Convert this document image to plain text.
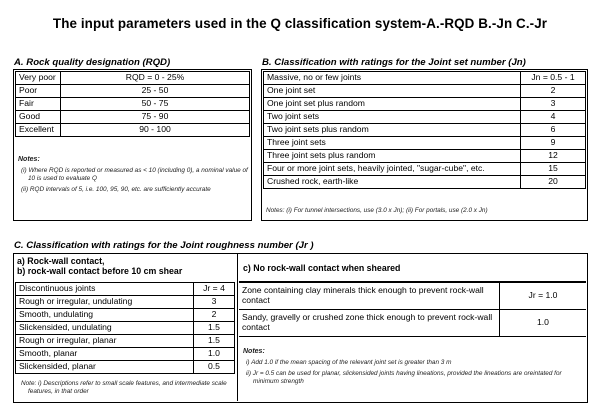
The input parameters used in the Q classification system-A.-RQD B.-Jn C.-Jr
A. Rock quality designation (RQD)
Very poor	RQD = 0 - 25%
Poor	25 - 50
Fair	50 - 75
Good	75 - 90
Excellent	90 - 100
Notes:
(i) Where RQD is reported or measured as < 10 (including 0), a nominal value of 10 is used to evaluate Q
(ii) RQD intervals of 5, i.e. 100, 95, 90, etc. are sufficiently accurate
B. Classification with ratings for the Joint set number (Jn)
Massive, no or few joints	Jn = 0.5 - 1
One joint set	2
One joint set plus random	3
Two joint sets	4
Two joint sets plus random	6
Three joint sets	9
Three joint sets plus random	12
Four or more joint sets, heavily jointed, "sugar-cube", etc.	15
Crushed rock, earth-like	20
Notes: (i) For tunnel intersections, use (3.0 x Jn); (ii) For portals, use (2.0 x Jn)
C. Classification with ratings for the Joint roughness number (Jr )
a) Rock-wall contact,
b) rock-wall contact before 10 cm shear
Discontinuous joints	Jr = 4
Rough or irregular, undulating	3
Smooth, undulating	2
Slickensided, undulating	1.5
Rough or irregular, planar	1.5
Smooth, planar	1.0
Slickensided, planar	0.5
Note: i) Descriptions refer to small scale features, and intermediate scale features, in that order
c) No rock-wall contact when sheared
Zone containing clay minerals thick enough to prevent rock-wall contact	Jr = 1.0
Sandy, gravelly or crushed zone thick enough to prevent rock-wall contact	1.0
Notes:
i) Add 1.0 if the mean spacing of the relevant joint set is greater than 3 m
ii) Jr = 0.5 can be used for planar, slickensided joints having lineations, provided the lineations are oreintated for minimum strength
